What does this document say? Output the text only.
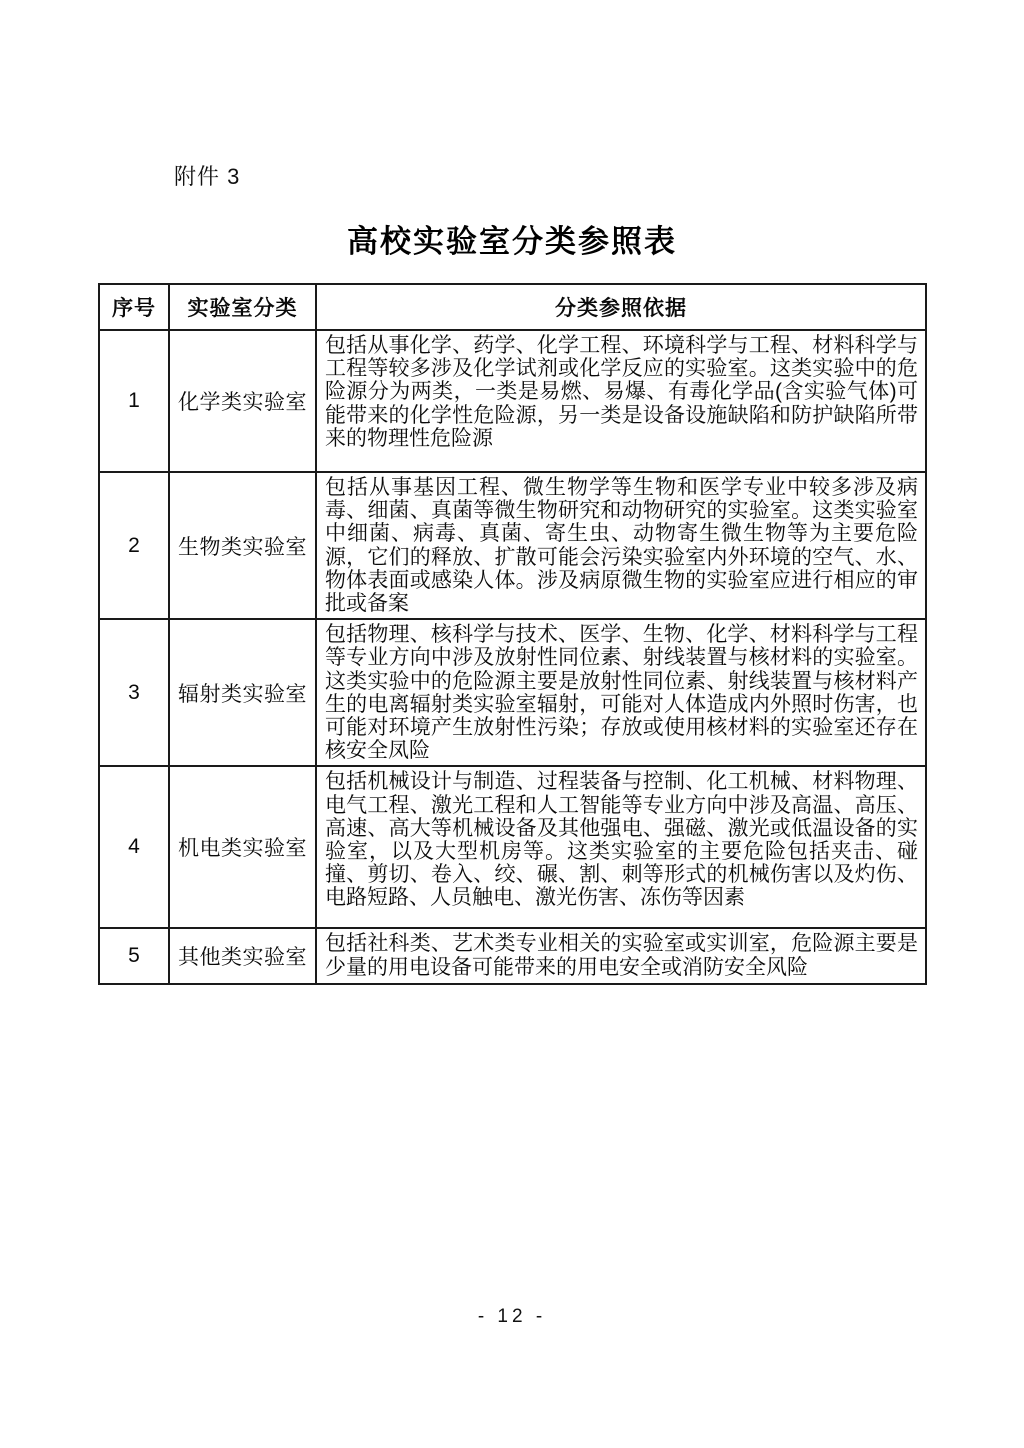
附件 3
高校实验室分类参照表
序号	实验室分类	分类参照依据
1	化学类实验室	包括从事化学、药学、化学工程、环境科学与工程、材料科学与工程等较多涉及化学试剂或化学反应的实验室。这类实验中的危险源分为两类，一类是易燃、易爆、有毒化学品(含实验气体)可能带来的化学性危险源，另一类是设备设施缺陷和防护缺陷所带来的物理性危险源
2	生物类实验室	包括从事基因工程、微生物学等生物和医学专业中较多涉及病毒、细菌、真菌等微生物研究和动物研究的实验室。这类实验室中细菌、病毒、真菌、寄生虫、动物寄生微生物等为主要危险源，它们的释放、扩散可能会污染实验室内外环境的空气、水、物体表面或感染人体。涉及病原微生物的实验室应进行相应的审批或备案
3	辐射类实验室	包括物理、核科学与技术、医学、生物、化学、材料科学与工程等专业方向中涉及放射性同位素、射线装置与核材料的实验室。这类实验中的危险源主要是放射性同位素、射线装置与核材料产生的电离辐射类实验室辐射，可能对人体造成内外照时伤害，也可能对环境产生放射性污染；存放或使用核材料的实验室还存在核安全凤险
4	机电类实验室	包括机械设计与制造、过程装备与控制、化工机械、材料物理、电气工程、激光工程和人工智能等专业方向中涉及高温、高压、高速、高大等机械设备及其他强电、强磁、激光或低温设备的实验室，以及大型机房等。这类实验室的主要危险包括夹击、碰撞、剪切、卷入、绞、碾、割、刺等形式的机械伤害以及灼伤、电路短路、人员触电、激光伤害、冻伤等因素
5	其他类实验室	包括社科类、艺术类专业相关的实验室或实训室，危险源主要是少量的用电设备可能带来的用电安全或消防安全风险
- 12 -
